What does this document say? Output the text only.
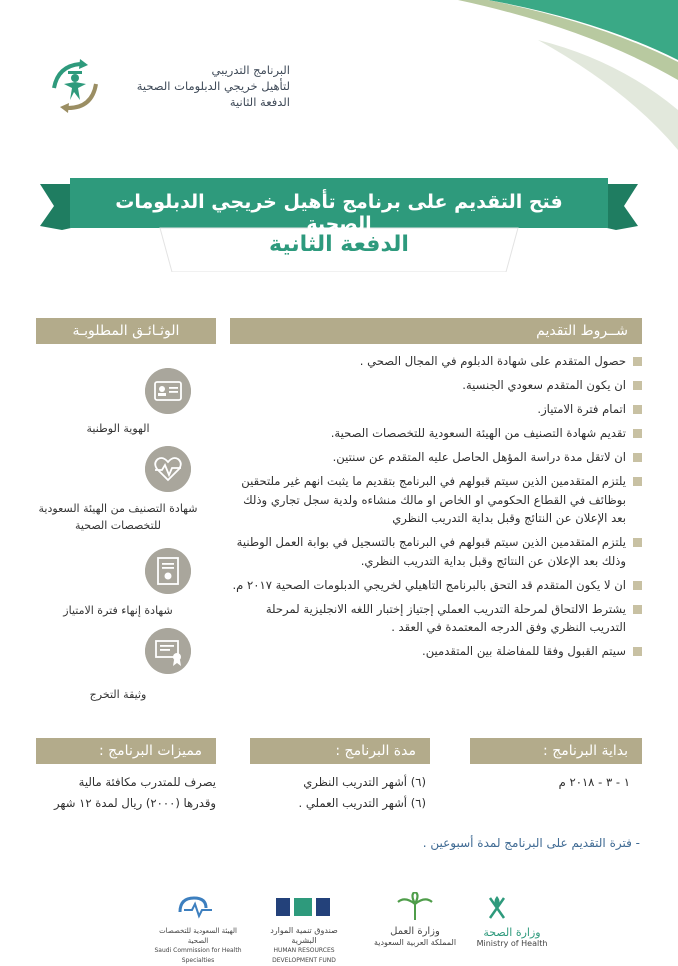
البرنامج التدريبي
لتأهيل خريجي الدبلومات الصحية
الدفعة الثانية
فتح التقديم على برنامج تأهيل خريجي الدبلومات الصحية
الدفعة الثانية
شــروط التقديم
الوثـائـق المطلوبـة
حصول المتقدم على شهادة الدبلوم في المجال الصحي .
ان يكون المتقدم سعودي الجنسية.
اتمام فترة الامتياز.
تقديم شهادة التصنيف من الهيئة السعودية للتخصصات الصحية.
ان لاتقل مدة دراسة المؤهل الحاصل عليه المتقدم عن سنتين.
يلتزم المتقدمين الذين سيتم قبولهم في البرنامج بتقديم ما يثبت انهم غير ملتحقين بوظائف في القطاع الحكومي او الخاص او مالك منشاءه ولدية سجل تجاري وذلك بعد الإعلان عن النتائج وقبل بداية التدريب النظري
يلتزم المتقدمين الذين سيتم قبولهم في البرنامج بالتسجيل في بوابة العمل الوطنية وذلك بعد الإعلان عن النتائج وقبل بداية التدريب النظري.
ان لا يكون المتقدم قد التحق بالبرنامج التاهيلي لخريجي الدبلومات الصحية ٢٠١٧ م.
يشترط الالتحاق لمرحلة التدريب العملي إجتياز إختبار اللغه الانجليزية لمرحلة التدريب النظري وفق الدرجه المعتمدة في العقد .
سيتم القبول وفقا للمفاضلة بين المتقدمين.
الهوية الوطنية
شهادة التصنيف من الهيئة السعودية للتخصصات الصحية
شهادة إنهاء فترة الامتياز
وثيقة التخرج
بداية البرنامج :
مدة البرنامج :
مميزات البرنامج :
١ - ٣ - ٢٠١٨ م
(٦) أشهر التدريب النظري
(٦) أشهر التدريب العملي .
يصرف للمتدرب مكافئة مالية
وقدرها (٢٠٠٠) ريال لمدة ١٢ شهر
- فترة التقديم على البرنامج لمدة أسبوعين .
وزارة الصحة
Ministry of Health
وزارة العمل
المملكة العربية السعودية
صندوق تنمية الموارد البشرية
HUMAN RESOURCES DEVELOPMENT FUND
الهيئة السعودية للتخصصات الصحية
Saudi Commission for Health Specialties
